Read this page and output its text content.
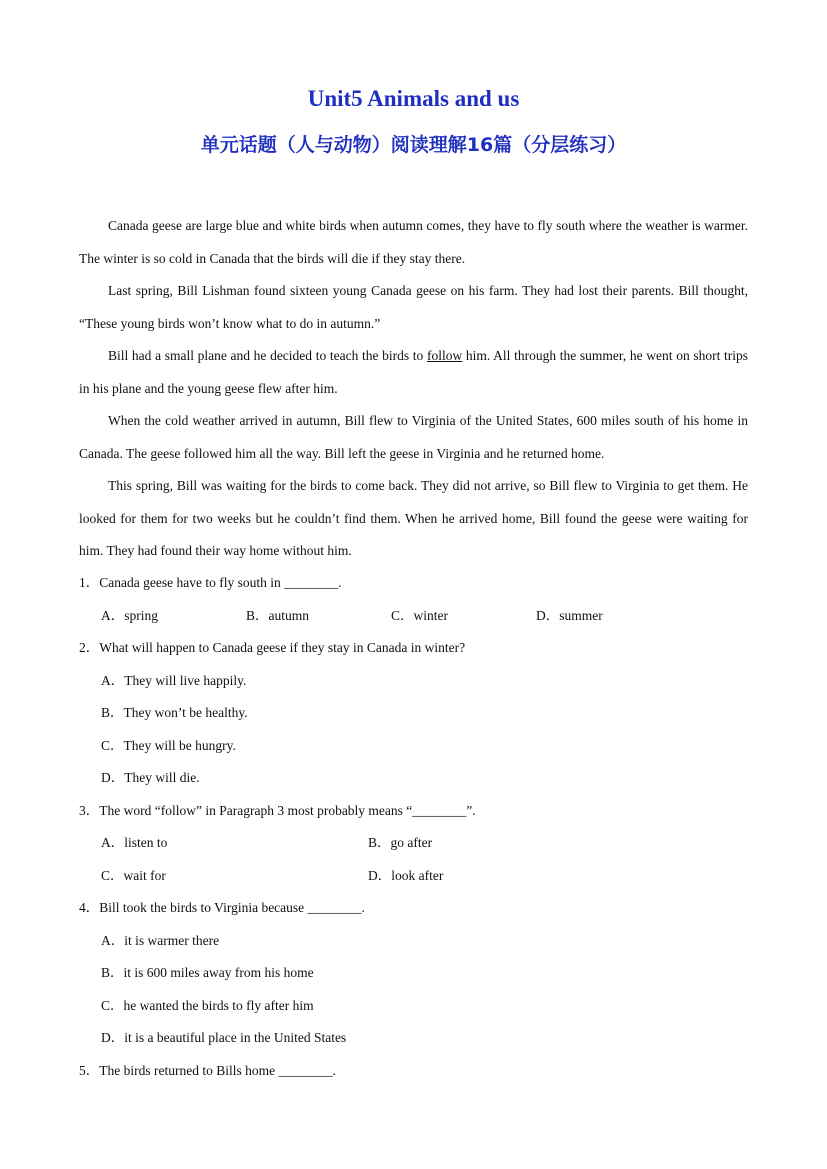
Unit5 Animals and us
单元话题（人与动物）阅读理解16篇（分层练习）

Canada geese are large blue and white birds when autumn comes, they have to fly south where the weather is warmer. The winter is so cold in Canada that the birds will die if they stay there.

Last spring, Bill Lishman found sixteen young Canada geese on his farm. They had lost their parents. Bill thought, “These young birds won’t know what to do in autumn.”

Bill had a small plane and he decided to teach the birds to follow him. All through the summer, he went on short trips in his plane and the young geese flew after him.

When the cold weather arrived in autumn, Bill flew to Virginia of the United States, 600 miles south of his home in Canada. The geese followed him all the way. Bill left the geese in Virginia and he returned home.

This spring, Bill was waiting for the birds to come back. They did not arrive, so Bill flew to Virginia to get them. He looked for them for two weeks but he couldn’t find them. When he arrived home, Bill found the geese were waiting for him. They had found their way home without him.

1．Canada geese have to fly south in ________.

A．spring	B．autumn	C．winter	D．summer

2．What will happen to Canada geese if they stay in Canada in winter?

A．They will live happily.

B．They won’t be healthy.

C．They will be hungry.

D．They will die.

3．The word “follow” in Paragraph 3 most probably means “________”.

A．listen to	B．go after
C．wait for	D．look after

4．Bill took the birds to Virginia because ________.

A．it is warmer there

B．it is 600 miles away from his home

C．he wanted the birds to fly after him

D．it is a beautiful place in the United States

5．The birds returned to Bills home ________.
